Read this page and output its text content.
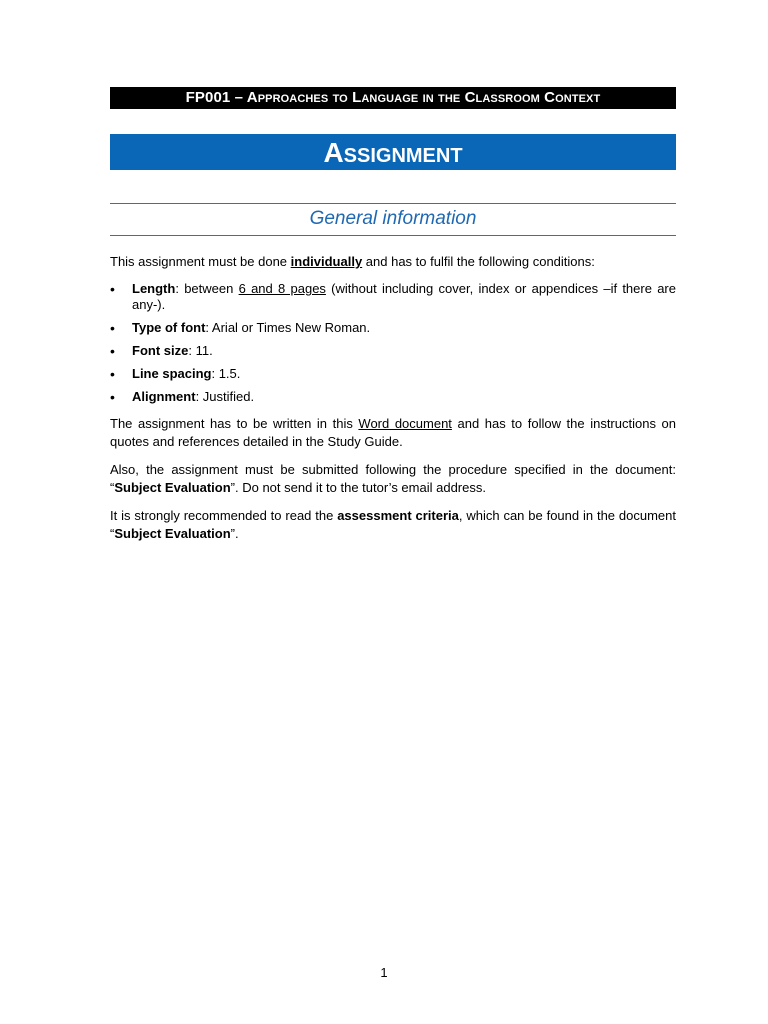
FP001 – Approaches to Language in the Classroom Context
Assignment
General information

This assignment must be done individually and has to fulfil the following conditions:

• Length: between 6 and 8 pages (without including cover, index or appendices –if there are any-).
• Type of font: Arial or Times New Roman.
• Font size: 11.
• Line spacing: 1.5.
• Alignment: Justified.

The assignment has to be written in this Word document and has to follow the instructions on quotes and references detailed in the Study Guide.

Also, the assignment must be submitted following the procedure specified in the document: “Subject Evaluation”. Do not send it to the tutor’s email address.

It is strongly recommended to read the assessment criteria, which can be found in the document “Subject Evaluation”.

1
